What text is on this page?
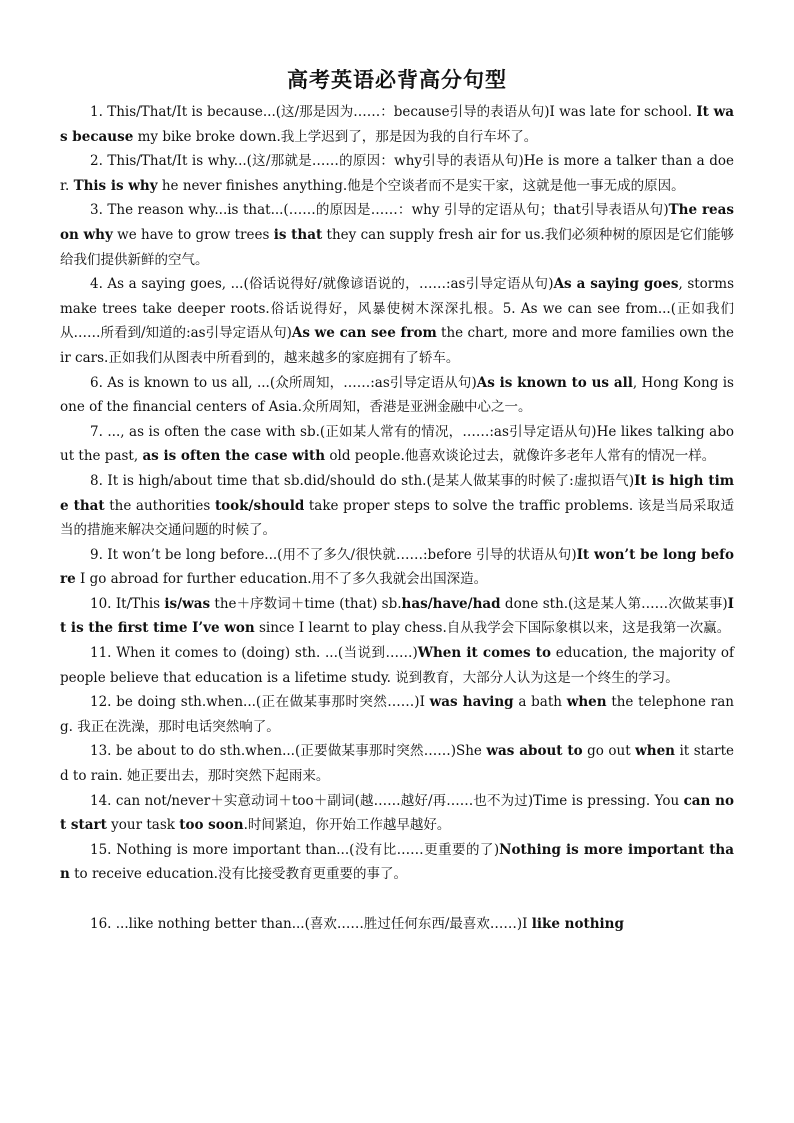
高考英语必背高分句型

1. This/That/It is because...(这/那是因为……：because引导的表语从句)I was late for school. It was because my bike broke down.我上学迟到了，那是因为我的自行车坏了。

2. This/That/It is why...(这/那就是……的原因：why引导的表语从句)He is more a talker than a doer. This is why he never finishes anything.他是个空谈者而不是实干家，这就是他一事无成的原因。

3. The reason why...is that...(……的原因是……：why 引导的定语从句；that引导表语从句)The reason why we have to grow trees is that they can supply fresh air for us.我们必须种树的原因是它们能够给我们提供新鲜的空气。

4. As a saying goes, ...(俗话说得好/就像谚语说的，……:as引导定语从句)As a saying goes, storms make trees take deeper roots.俗话说得好，风暴使树木深深扎根。5. As we can see from...(正如我们从……所看到/知道的:as引导定语从句)As we can see from the chart, more and more families own their cars.正如我们从图表中所看到的，越来越多的家庭拥有了轿车。

6. As is known to us all, ...(众所周知，……:as引导定语从句)As is known to us all, Hong Kong is one of the financial centers of Asia.众所周知，香港是亚洲金融中心之一。

7. ..., as is often the case with sb.(正如某人常有的情况，……:as引导定语从句)He likes talking about the past, as is often the case with old people.他喜欢谈论过去，就像许多老年人常有的情况一样。

8. It is high/about time that sb.did/should do sth.(是某人做某事的时候了:虚拟语气)It is high time that the authorities took/should take proper steps to solve the traffic problems. 该是当局采取适当的措施来解决交通问题的时候了。

9. It won’t be long before...(用不了多久/很快就……:before 引导的状语从句)It won’t be long before I go abroad for further education.用不了多久我就会出国深造。

10. It/This is/was the＋序数词＋time (that) sb.has/have/had done sth.(这是某人第……次做某事)It is the first time I’ve won since I learnt to play chess.自从我学会下国际象棋以来，这是我第一次赢。

11. When it comes to (doing) sth. ...(当说到……)When it comes to education, the majority of people believe that education is a lifetime study. 说到教育，大部分人认为这是一个终生的学习。

12. be doing sth.when...(正在做某事那时突然……)I was having a bath when the telephone rang. 我正在洗澡，那时电话突然响了。

13. be about to do sth.when...(正要做某事那时突然……)She was about to go out when it started to rain. 她正要出去，那时突然下起雨来。

14. can not/never＋实意动词＋too＋副词(越……越好/再……也不为过)Time is pressing. You can not start your task too soon.时间紧迫，你开始工作越早越好。

15. Nothing is more important than...(没有比……更重要的了)Nothing is more important than to receive education.没有比接受教育更重要的事了。

16. ...like nothing better than...(喜欢……胜过任何东西/最喜欢……)I like nothing
